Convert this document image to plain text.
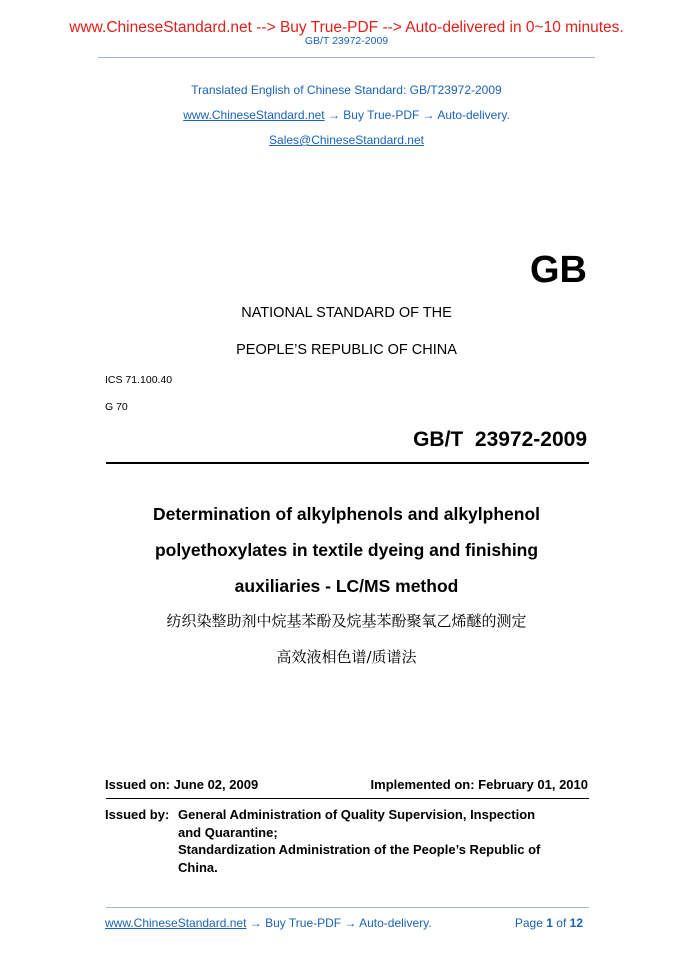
www.ChineseStandard.net --> Buy True-PDF --> Auto-delivered in 0~10 minutes.
GB/T 23972-2009
Translated English of Chinese Standard: GB/T23972-2009
www.ChineseStandard.net → Buy True-PDF → Auto-delivery.
Sales@ChineseStandard.net
GB
NATIONAL STANDARD OF THE
PEOPLE’S REPUBLIC OF CHINA
ICS 71.100.40
G 70
GB/T  23972-2009
Determination of alkylphenols and alkylphenol
polyethoxylates in textile dyeing and finishing
auxiliaries - LC/MS method
纺织染整助剂中烷基苯酚及烷基苯酚聚氧乙烯醚的测定
高效液相色谱/质谱法
Issued on: June 02, 2009	Implemented on: February 01, 2010
Issued by: General Administration of Quality Supervision, Inspection
and Quarantine;
Standardization Administration of the People’s Republic of
China.
www.ChineseStandard.net → Buy True-PDF → Auto-delivery.	Page 1 of 12
